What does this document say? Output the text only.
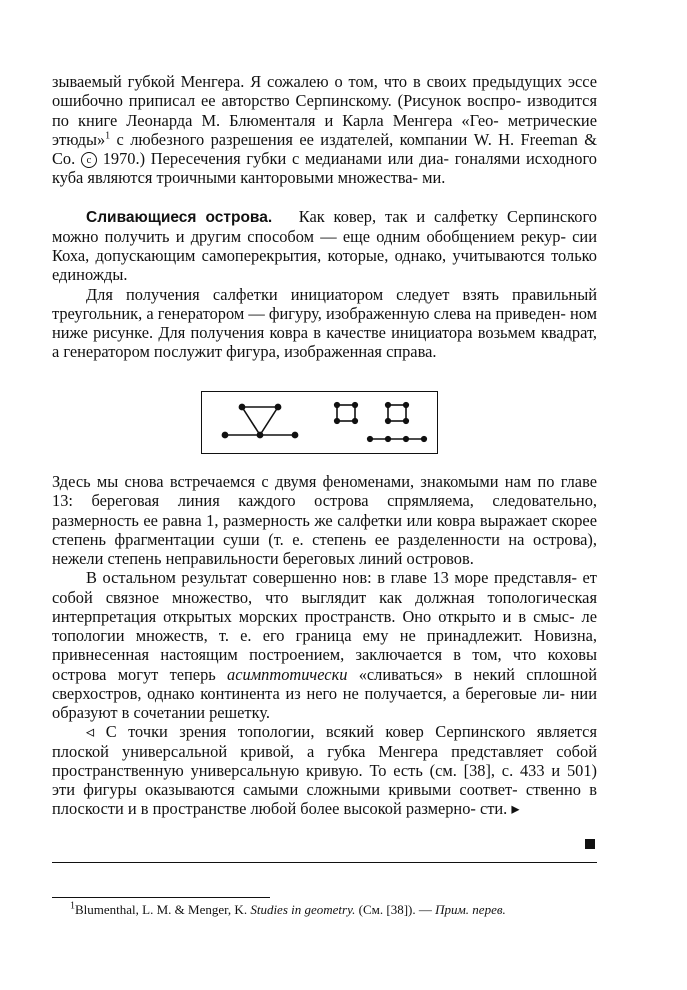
зываемый губкой Менгера. Я сожалею о том, что в своих предыдущих эссе ошибочно приписал ее авторство Серпинскому. (Рисунок воспро- изводится по книге Леонарда М. Блюменталя и Карла Менгера «Гео- метрические этюды»$^1$ с любезного разрешения ее издателей, компании W. H. Freeman & Co. c 1970.) Пересечения губки с медианами или диа- гоналями исходного куба являются троичными канторовыми множества- ми.

Сливающиеся острова. Как ковер, так и салфетку Серпинского можно получить и другим способом — еще одним обобщением рекур- сии Коха, допускающим самоперекрытия, которые, однако, учитываются только единожды.

Для получения салфетки инициатором следует взять правильный треугольник, а генератором — фигуру, изображенную слева на приведен- ном ниже рисунке. Для получения ковра в качестве инициатора возьмем квадрат, а генератором послужит фигура, изображенная справа.

Здесь мы снова встречаемся с двумя феноменами, знакомыми нам по главе 13: береговая линия каждого острова спрямляема, следовательно, размерность ее равна 1, размерность же салфетки или ковра выражает скорее степень фрагментации суши (т. е. степень ее разделенности на острова), нежели степень неправильности береговых линий островов.

В остальном результат совершенно нов: в главе 13 море представля- ет собой связное множество, что выглядит как должная топологическая интерпретация открытых морских пространств. Оно открыто и в смыс- ле топологии множеств, т. е. его граница ему не принадлежит. Новизна, привнесенная настоящим построением, заключается в том, что коховы острова могут теперь асимптотически «сливаться» в некий сплошной сверхостров, однако континента из него не получается, а береговые ли- нии образуют в сочетании решетку.

◃ С точки зрения топологии, всякий ковер Серпинского является плоской универсальной кривой, а губка Менгера представляет собой пространственную универсальную кривую. То есть (см. [38], с. 433 и 501) эти фигуры оказываются самыми сложными кривыми соответ- ственно в плоскости и в пространстве любой более высокой размерно- сти. ▸

$^1$Blumenthal, L. M. & Menger, K. Studies in geometry. (См. [38]). — Прим. перев.
